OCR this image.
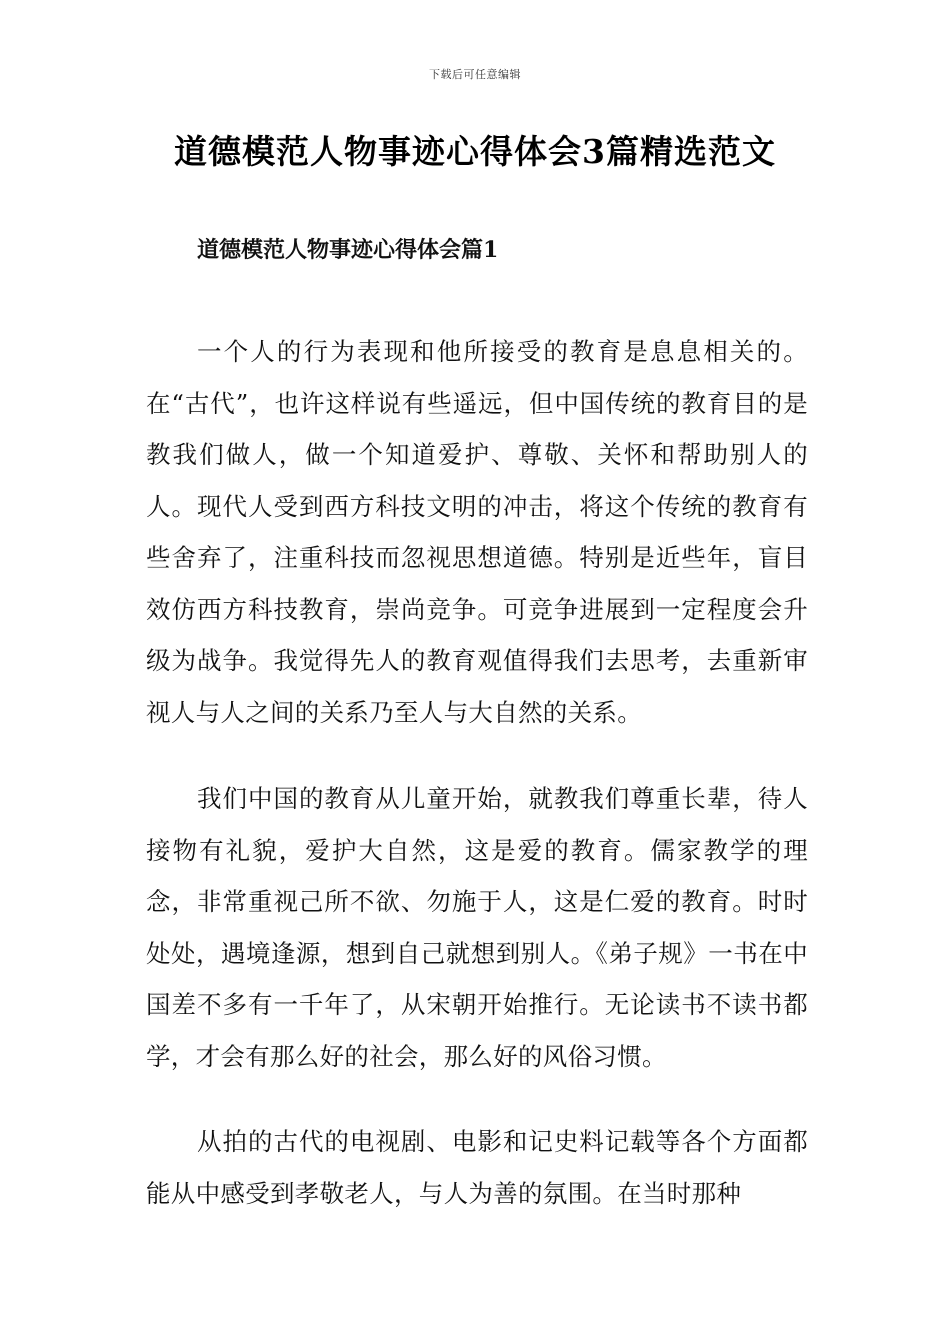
下载后可任意编辑
道德模范人物事迹心得体会3篇精选范文
道德模范人物事迹心得体会篇1

一个人的行为表现和他所接受的教育是息息相关的。在“古代”，也许这样说有些遥远，但中国传统的教育目的是教我们做人，做一个知道爱护、尊敬、关怀和帮助别人的人。现代人受到西方科技文明的冲击，将这个传统的教育有些舍弃了，注重科技而忽视思想道德。特别是近些年，盲目效仿西方科技教育，崇尚竞争。可竞争进展到一定程度会升级为战争。我觉得先人的教育观值得我们去思考，去重新审视人与人之间的关系乃至人与大自然的关系。

我们中国的教育从儿童开始，就教我们尊重长辈，待人接物有礼貌，爱护大自然，这是爱的教育。儒家教学的理念，非常重视己所不欲、勿施于人，这是仁爱的教育。时时处处，遇境逢源，想到自己就想到别人。《弟子规》一书在中国差不多有一千年了，从宋朝开始推行。无论读书不读书都学，才会有那么好的社会，那么好的风俗习惯。

从拍的古代的电视剧、电影和记史料记载等各个方面都能从中感受到孝敬老人，与人为善的氛围。在当时那种
